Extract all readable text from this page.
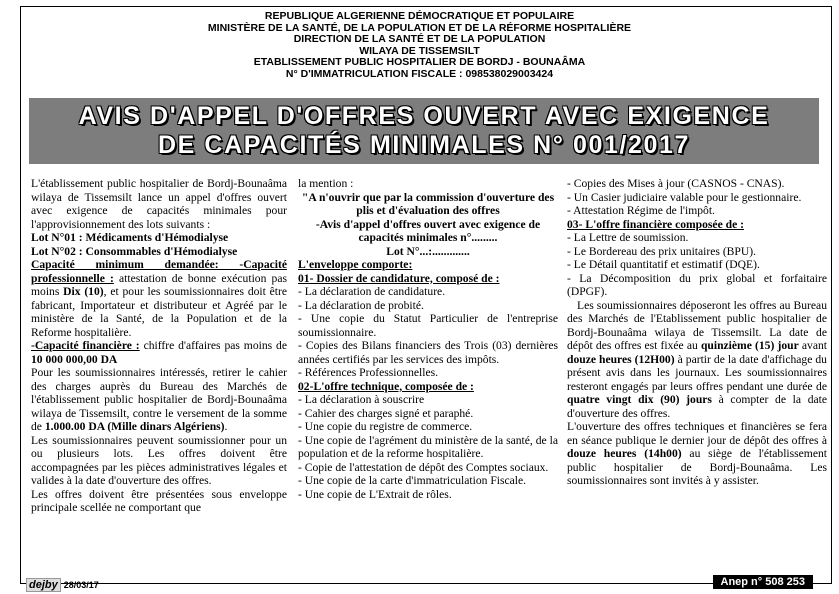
REPUBLIQUE ALGERIENNE DÉMOCRATIQUE ET POPULAIRE
MINISTÈRE DE LA SANTÉ, DE LA POPULATION ET DE LA RÉFORME HOSPITALIÈRE
DIRECTION DE LA SANTÉ ET DE LA POPULATION
WILAYA DE TISSEMSILT
ETABLISSEMENT PUBLIC HOSPITALIER DE BORDJ - BOUNAÂMA
N° D'IMMATRICULATION FISCALE : 098538029003424
AVIS D'APPEL D'OFFRES OUVERT AVEC EXIGENCE
DE CAPACITÉS MINIMALES N° 001/2017

L'établissement public hospitalier de Bordj-Bounaâma wilaya de Tissemsilt lance un appel d'offres ouvert avec exigence de capacités minimales pour l'approvisionnement des lots suivants :

Lot N°01 : Médicaments d'Hémodialyse

Lot N°02 : Consommables d'Hémodialyse

Capacité minimum demandée: -Capacité professionnelle : attestation de bonne exécution pas moins Dix (10), et pour les soumissionnaires doit être fabricant, Importateur et distributeur et Agréé par le ministère de la Santé, de la Population et de la Reforme hospitalière.

-Capacité financière : chiffre d'affaires pas moins de 10 000 000,00 DA

Pour les soumissionnaires intéressés, retirer le cahier des charges auprès du Bureau des Marchés de l'établissement public hospitalier de Bordj-Bounaâma wilaya de Tissemsilt, contre le versement de la somme de 1.000.00 DA (Mille dinars Algériens).

Les soumissionnaires peuvent soumissionner pour un ou plusieurs lots. Les offres doivent être accompagnées par les pièces administratives légales et valides à la date d'ouverture des offres.

Les offres doivent être présentées sous enveloppe principale scellée ne comportant que

la mention :

"A n'ouvrir que par la commission d'ouverture des plis et d'évaluation des offres

-Avis d'appel d'offres ouvert avec exigence de capacités minimales n°.........

Lot N°...:.............

L'enveloppe comporte:

01- Dossier de candidature, composé de :

- La déclaration de candidature.

- La déclaration de probité.

- Une copie du Statut Particulier de l'entreprise soumissionnaire.

- Copies des Bilans financiers des Trois (03) dernières années certifiés par les services des impôts.

- Références Professionnelles.

02-L'offre technique, composée de :

- La déclaration à souscrire

- Cahier des charges signé et paraphé.

- Une copie du registre de commerce.

- Une copie de l'agrément du ministère de la santé, de la population et de la reforme hospitalière.

- Copie de l'attestation de dépôt des Comptes sociaux.

- Une copie de la carte d'immatriculation Fiscale.

- Une copie de L'Extrait de rôles.

- Copies des Mises à jour (CASNOS - CNAS).

- Un Casier judiciaire valable pour le gestionnaire.

- Attestation Régime de l'impôt.

03- L'offre financière composée de :

- La Lettre de soumission.

- Le Bordereau des prix unitaires (BPU).

- Le Détail quantitatif et estimatif (DQE).

- La Décomposition du prix global et forfaitaire (DPGF).

Les soumissionnaires déposeront les offres au Bureau des Marchés de l'Etablissement public hospitalier de Bordj-Bounaâma wilaya de Tissemsilt. La date de dépôt des offres est fixée au quinzième (15) jour avant douze heures (12H00) à partir de la date d'affichage du présent avis dans les journaux. Les soumissionnaires resteront engagés par leurs offres pendant une durée de quatre vingt dix (90) jours à compter de la date d'ouverture des offres.

L'ouverture des offres techniques et financières se fera en séance publique le dernier jour de dépôt des offres à douze heures (14h00) au siège de l'établissement public hospitalier de Bordj-Bounaâma. Les soumissionnaires sont invités à y assister.

dejby 28/03/17	Anep n° 508 253
